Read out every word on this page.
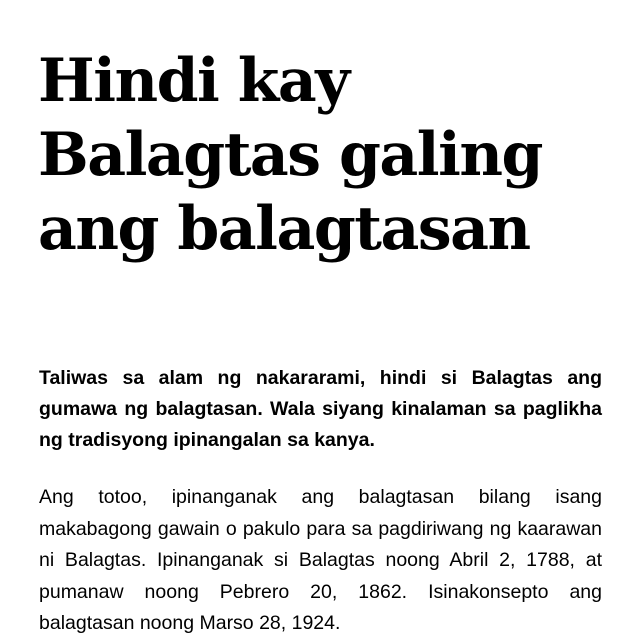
Hindi kay
Balagtas galing
ang balagtasan

Taliwas sa alam ng nakararami, hindi si Balagtas ang gumawa ng balagtasan. Wala siyang kinalaman sa paglikha ng tradisyong ipinangalan sa kanya.

Ang totoo, ipinanganak ang balagtasan bilang isang makabagong gawain o pakulo para sa pagdiriwang ng kaarawan ni Balagtas. Ipinanganak si Balagtas noong Abril 2, 1788, at pumanaw noong Pebrero 20, 1862. Isinakonsepto ang balagtasan noong Marso 28, 1924.
